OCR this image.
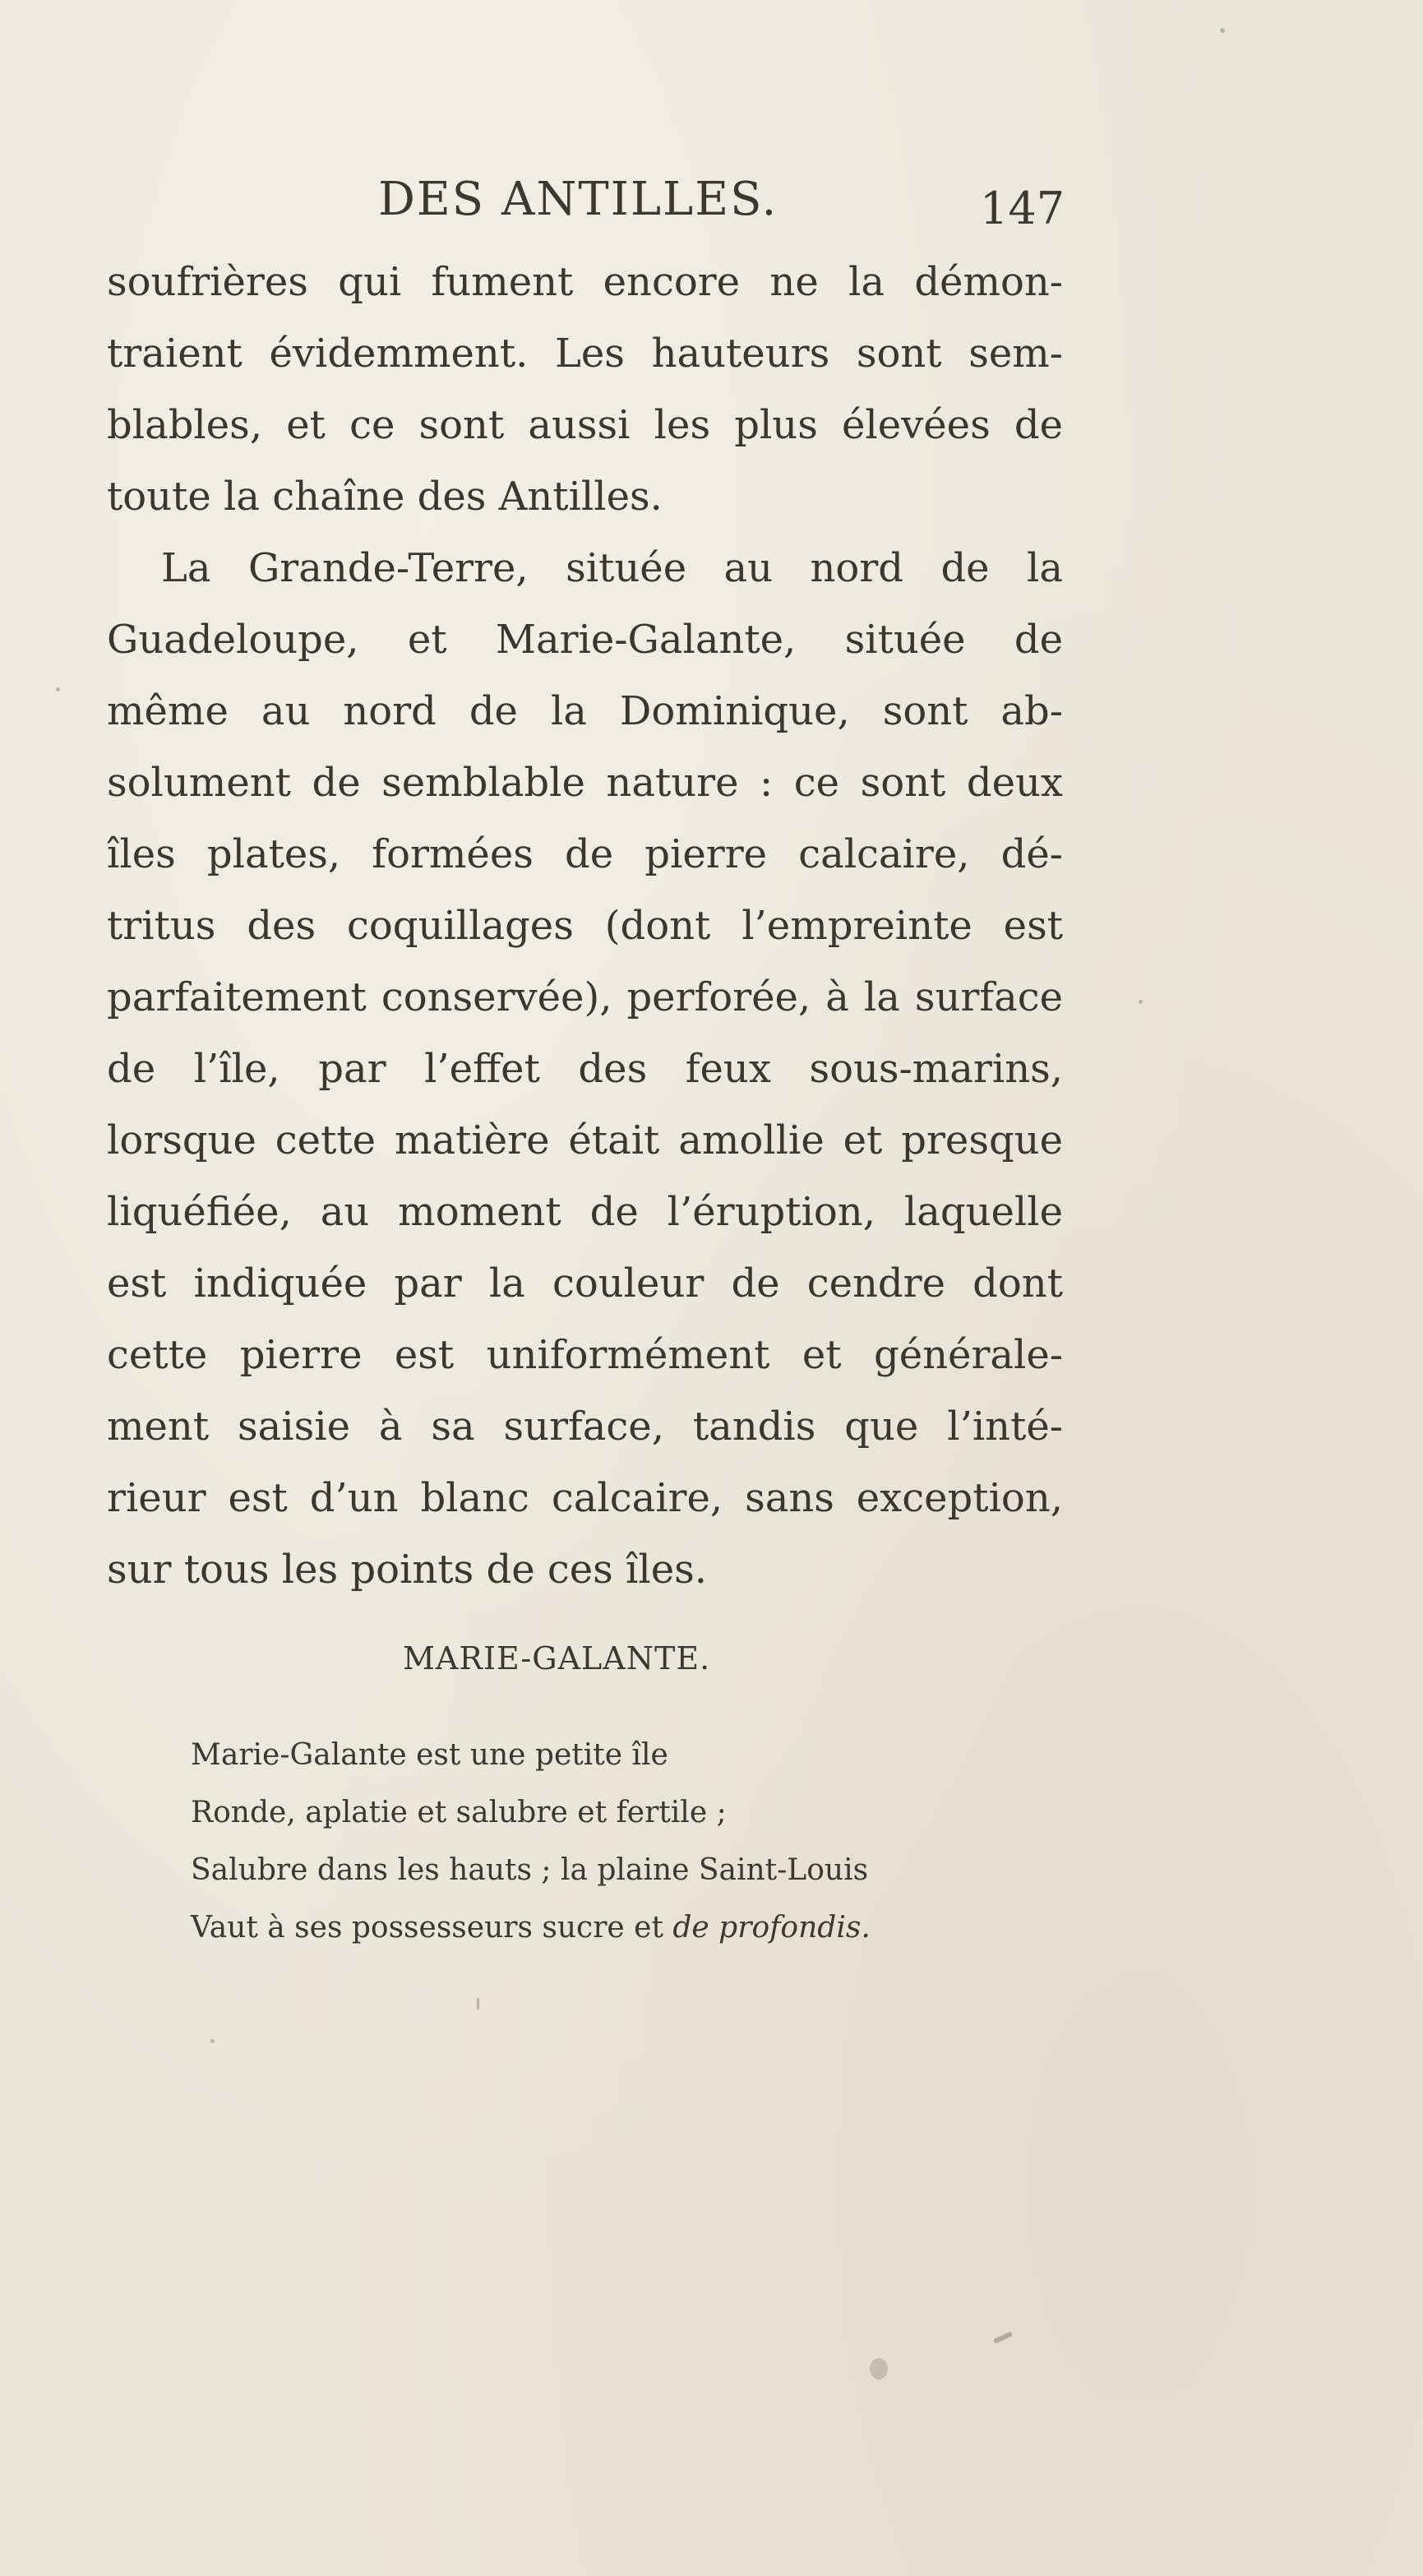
DES ANTILLES.	147
soufrières qui fument encore ne la démon-
traient évidemment. Les hauteurs sont sem-
blables, et ce sont aussi les plus élevées de
toute la chaîne des Antilles.
La Grande-Terre, située au nord de la
Guadeloupe, et Marie-Galante, située de
même au nord de la Dominique, sont ab-
solument de semblable nature : ce sont deux
îles plates, formées de pierre calcaire, dé-
tritus des coquillages (dont l’empreinte est
parfaitement conservée), perforée, à la surface
de l’île, par l’effet des feux sous-marins,
lorsque cette matière était amollie et presque
liquéfiée, au moment de l’éruption, laquelle
est indiquée par la couleur de cendre dont
cette pierre est uniformément et générale-
ment saisie à sa surface, tandis que l’inté-
rieur est d’un blanc calcaire, sans exception,
sur tous les points de ces îles.
MARIE-GALANTE.
Marie-Galante est une petite île
Ronde, aplatie et salubre et fertile ;
Salubre dans les hauts ; la plaine Saint-Louis
Vaut à ses possesseurs sucre et de profondis.
